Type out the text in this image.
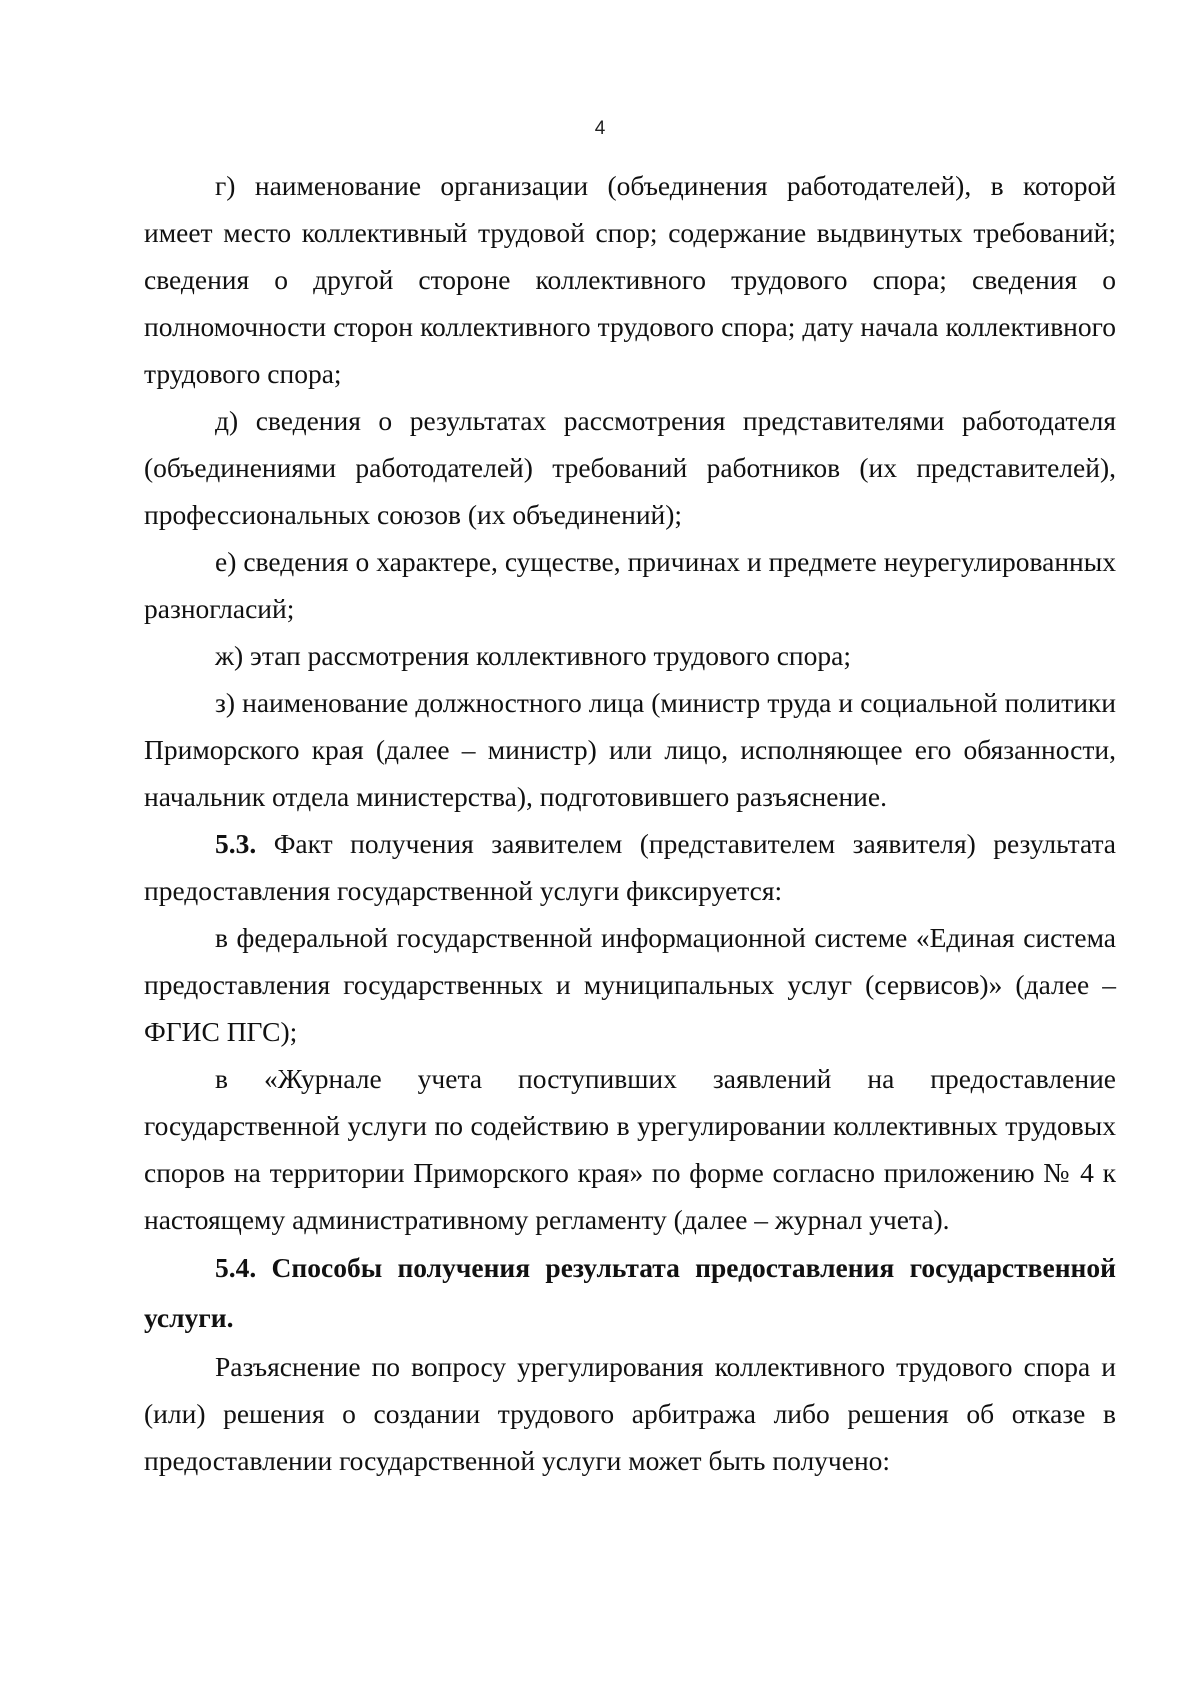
4

г) наименование организации (объединения работодателей), в которой имеет место коллективный трудовой спор; содержание выдвинутых требований; сведения о другой стороне коллективного трудового спора; сведения о полномочности сторон коллективного трудового спора; дату начала коллективного трудового спора;

д) сведения о результатах рассмотрения представителями работодателя (объединениями работодателей) требований работников (их представителей), профессиональных союзов (их объединений);

е) сведения о характере, существе, причинах и предмете неурегулированных разногласий;

ж) этап рассмотрения коллективного трудового спора;

з) наименование должностного лица (министр труда и социальной политики Приморского края (далее – министр) или лицо, исполняющее его обязанности, начальник отдела министерства), подготовившего разъяснение.

5.3. Факт получения заявителем (представителем заявителя) результата предоставления государственной услуги фиксируется:

в федеральной государственной информационной системе «Единая система предоставления государственных и муниципальных услуг (сервисов)» (далее – ФГИС ПГС);

в «Журнале учета поступивших заявлений на предоставление государственной услуги по содействию в урегулировании коллективных трудовых споров на территории Приморского края» по форме согласно приложению № 4 к настоящему административному регламенту (далее – журнал учета).

5.4. Способы получения результата предоставления государственной услуги.

Разъяснение по вопросу урегулирования коллективного трудового спора и (или) решения о создании трудового арбитража либо решения об отказе в предоставлении государственной услуги может быть получено:
